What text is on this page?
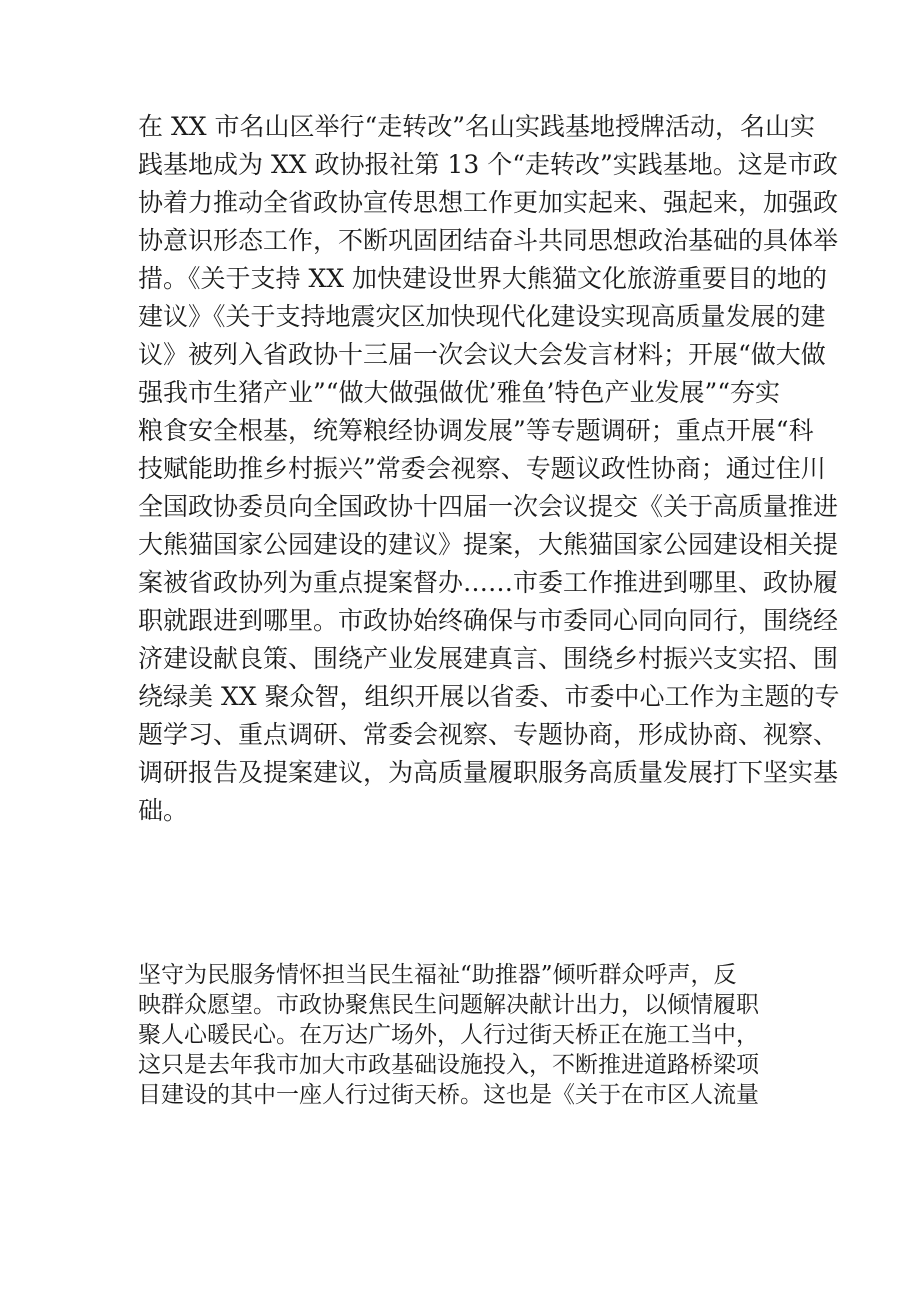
在 XX 市名山区举行“走转改”名山实践基地授牌活动，名山实
践基地成为 XX 政协报社第 13 个“走转改”实践基地。这是市政
协着力推动全省政协宣传思想工作更加实起来、强起来，加强政
协意识形态工作，不断巩固团结奋斗共同思想政治基础的具体举
措。《关于支持 XX 加快建设世界大熊猫文化旅游重要目的地的
建议》《关于支持地震灾区加快现代化建设实现高质量发展的建
议》被列入省政协十三届一次会议大会发言材料；开展“做大做
强我市生猪产业”“做大做强做优’雅鱼’特色产业发展”“夯实
粮食安全根基，统筹粮经协调发展”等专题调研；重点开展“科
技赋能助推乡村振兴”常委会视察、专题议政性协商；通过住川
全国政协委员向全国政协十四届一次会议提交《关于高质量推进
大熊猫国家公园建设的建议》提案，大熊猫国家公园建设相关提
案被省政协列为重点提案督办……市委工作推进到哪里、政协履
职就跟进到哪里。市政协始终确保与市委同心同向同行，围绕经
济建设献良策、围绕产业发展建真言、围绕乡村振兴支实招、围
绕绿美 XX 聚众智，组织开展以省委、市委中心工作为主题的专
题学习、重点调研、常委会视察、专题协商，形成协商、视察、
调研报告及提案建议，为高质量履职服务高质量发展打下坚实基
础。
坚守为民服务情怀担当民生福祉“助推器”倾听群众呼声，反
映群众愿望。市政协聚焦民生问题解决献计出力，以倾情履职
聚人心暖民心。在万达广场外，人行过街天桥正在施工当中，
这只是去年我市加大市政基础设施投入，不断推进道路桥梁项
目建设的其中一座人行过街天桥。这也是《关于在市区人流量
